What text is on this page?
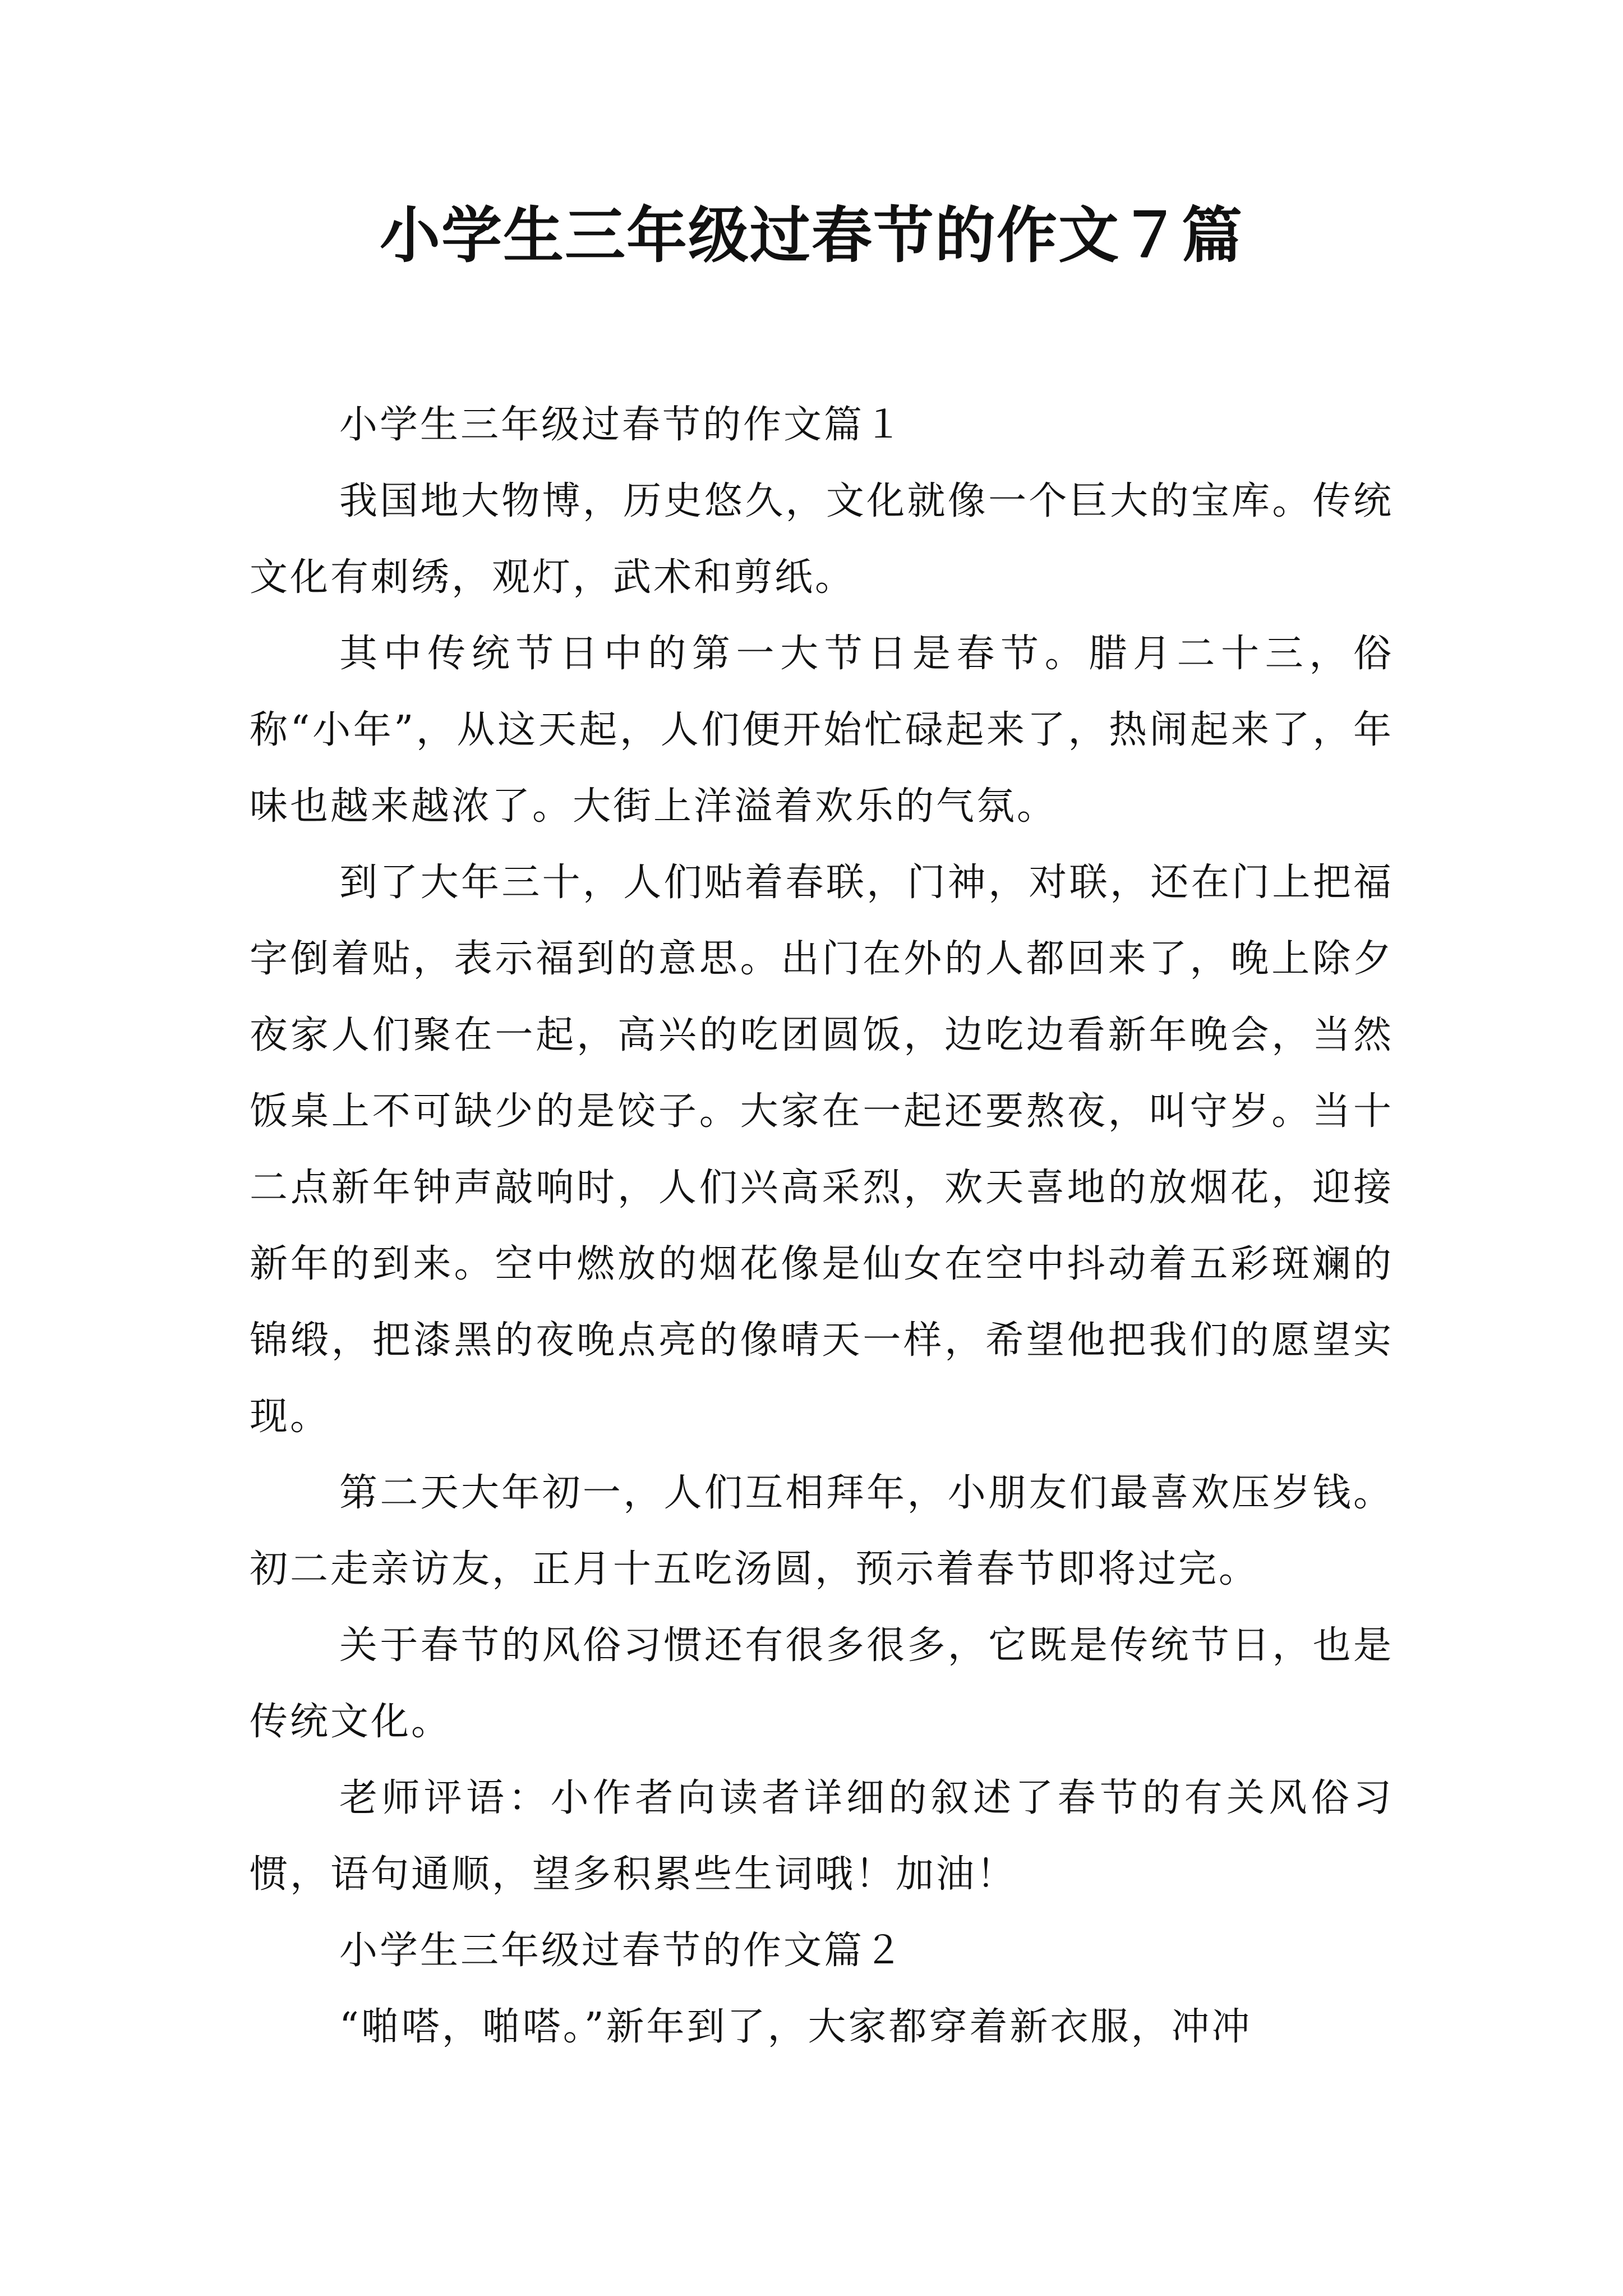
小学生三年级过春节的作文７篇

小学生三年级过春节的作文篇１

我国地大物博，历史悠久，文化就像一个巨大的宝库。传统文化有刺绣，观灯，武术和剪纸。

其中传统节日中的第一大节日是春节。腊月二十三，俗称“小年”，从这天起，人们便开始忙碌起来了，热闹起来了，年味也越来越浓了。大街上洋溢着欢乐的气氛。

到了大年三十，人们贴着春联，门神，对联，还在门上把福字倒着贴，表示福到的意思。出门在外的人都回来了，晚上除夕夜家人们聚在一起，高兴的吃团圆饭，边吃边看新年晚会，当然饭桌上不可缺少的是饺子。大家在一起还要熬夜，叫守岁。当十二点新年钟声敲响时，人们兴高采烈，欢天喜地的放烟花，迎接新年的到来。空中燃放的烟花像是仙女在空中抖动着五彩斑斓的锦缎，把漆黑的夜晚点亮的像晴天一样，希望他把我们的愿望实现。

第二天大年初一，人们互相拜年，小朋友们最喜欢压岁钱。初二走亲访友，正月十五吃汤圆，预示着春节即将过完。

关于春节的风俗习惯还有很多很多，它既是传统节日，也是传统文化。

老师评语：小作者向读者详细的叙述了春节的有关风俗习惯，语句通顺，望多积累些生词哦！加油！

小学生三年级过春节的作文篇２

“啪嗒，啪嗒。”新年到了，大家都穿着新衣服，冲冲
